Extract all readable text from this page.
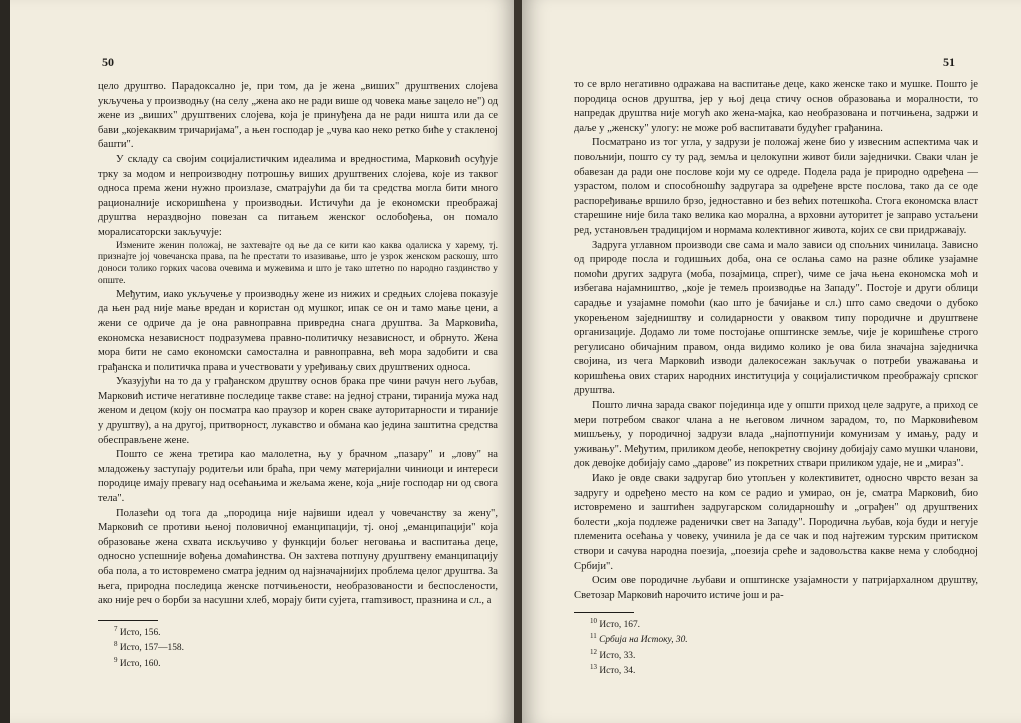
50

цело друштво. Парадоксално је, при том, да је жена „виших" друштвених слојева укључења у производњу (на селу „жена ако не ради више од човека мање зацело не") од жене из „виших" друштвених слојева, која је принуђена да не ради ништа или да се бави „којекаквим тричаријама", а њен господар је „чува као неко ретко биће у стакленој башти".

У складу са својим социјалистичким идеалима и вредностима, Марковић осуђује трку за модом и непроизводну потрошњу виших друштвених слојева, које из таквог односа према жени нужно произлазе, сматрајући да би та средства могла бити много рационалније искоришћена у производњи. Истичући да је економски преображај друштва нераздвојно повезан са питањем женског ослобођења, он помало моралисаторски закључује:

Измените женин положај, не захтевајте од ње да се кити као каква одалиска у харему, тј. признајте јој човечанска права, па ће престати то изазивање, што је узрок женском раскошу, што доноси толико горких часова очевима и мужевима и што је тако штетно по народно газдинство у опште.

Међутим, иако укључење у производњу жене из нижих и средњих слојева показује да њен рад није мање вредан и користан од мушког, ипак се он и тамо мање цени, а жени се одриче да је она равноправна привредна снага друштва. За Марковића, економска независност подразумева правно-политичку независност, и обрнуто. Жена мора бити не само економски самостална и равноправна, већ мора задобити и сва грађанска и политичка права и учествовати у уређивању свих друштвених односа.

Указујући на то да у грађанском друштву основ брака пре чини рачун него љубав, Марковић истиче негативне последице такве ставе: на једној страни, тиранија мужа над женом и децом (коју он посматра као праузор и корен сваке ауторитарности и тираније у друштву), а на другој, притворност, лукавство и обмана као једина заштитна средства обесправљене жене.

Пошто се жена третира као малолетна, њу у брачном „пазару" и „лову" на младожењу заступају родитељи или браћа, при чему материјални чиниоци и интереси породице имају превагу над осећањима и жељама жене, која „није господар ни од свога тела".

Полазећи од тога да „породица није највиши идеал у човечанству за жену", Марковић се противи њеној половичној еманципацији, тј. оној „еманципацији" која образовање жена схвата искључиво у функцији бољег неговања и васпитања деце, односно успешније вођења домаћинства. Он захтева потпуну друштвену еманципацију оба пола, а то истовремено сматра једним од најзначајнијих проблема целог друштва. За њега, природна последица женске потчињености, необразованости и беспослености, ако није реч о борби за насушни хлеб, морају бити сујета, гramзивост, празнина и сл., а

$^7$ Исто, 156.
$^8$ Исто, 157—158.
$^9$ Исто, 160.
51

то се врло негативно одражава на васпитање деце, како женске тако и мушке. Пошто је породица основ друштва, јер у њој деца стичу основ образовања и моралности, то напредак друштва није могућ ако жена-мајка, као необразована и потчињена, задржи и даље у „женску" улогу: не може роб васпитавати будућег грађанина.

Посматрано из тог угла, у задрузи је положај жене био у извесним аспектима чак и повољнији, пошто су ту рад, земља и целокупни живот били заједнички. Сваки члан је обавезан да ради оне послове који му се одреде. Подела рада је природно одређена — узрастом, полом и способношћу задругара за одређене врсте послова, тако да се оде распоређивање вршило брзо, једноставно и без већих потешкоћа. Стога економска власт старешине није била тако велика као морална, а врховни ауторитет је заправо устаљени ред, установљен традицијом и нормама колективног живота, којих се сви придржавају.

Задруга углавном производи све сама и мало зависи од спољних чинилаца. Зависно од природе посла и годишњих доба, она се ослања само на разне облике узајамне помоћи других задруга (моба, позајмица, спрег), чиме се јача њена економска моћ и избегава најамништво, „које је темељ производње на Западу". Постоје и други облици сарадње и узајамне помоћи (као што је бачијање и сл.) што само сведочи о дубоко укорењеном заједништву и солидарности у оваквом типу породичне и друштвене организације. Додамо ли томе постојање општинске земље, чије је коришћење строго регулисано обичајним правом, онда видимо колико је ова била значајна заједничка својина, из чега Марковић изводи далекосежан закључак о потреби уважавања и коришћења ових старих народних институција у социјалистичком преображају српског друштва.

Пошто лична зарада сваког појединца иде у општи приход целе задруге, а приход се мери потребом сваког члана а не његовом личном зарадом, то, по Марковићевом мишљењу, у породичној задрузи влада „најпотпунији комунизам у имању, раду и уживању". Међутим, приликом деобе, непокретну својину добијају само мушки чланови, док девојке добијају само „дарове" из покретних ствари приликом удаје, не и „мираз".

Иако је овде сваки задругар био утопљен у колективитет, односно чврсто везан за задругу и одређено место на ком се радио и умирао, он је, сматра Марковић, био истовремено и заштићен задругарском солидарношћу и „ограђен" од друштвених болести „која подлеже раденички свет на Западу". Породична љубав, која буди и негује племенита осећања у човеку, учинила је да се чак и под најтежим турским притиском створи и сачува народна поезија, „поезија среће и задовољства какве нема у слободној Србији".

Осим ове породичне љубави и општинске узајамности у патријархалном друштву, Светозар Марковић нарочито истиче још и ра-

$^{10}$ Исто, 167.
$^{11}$ Србија на Истоку, 30.
$^{12}$ Исто, 33.
$^{13}$ Исто, 34.
